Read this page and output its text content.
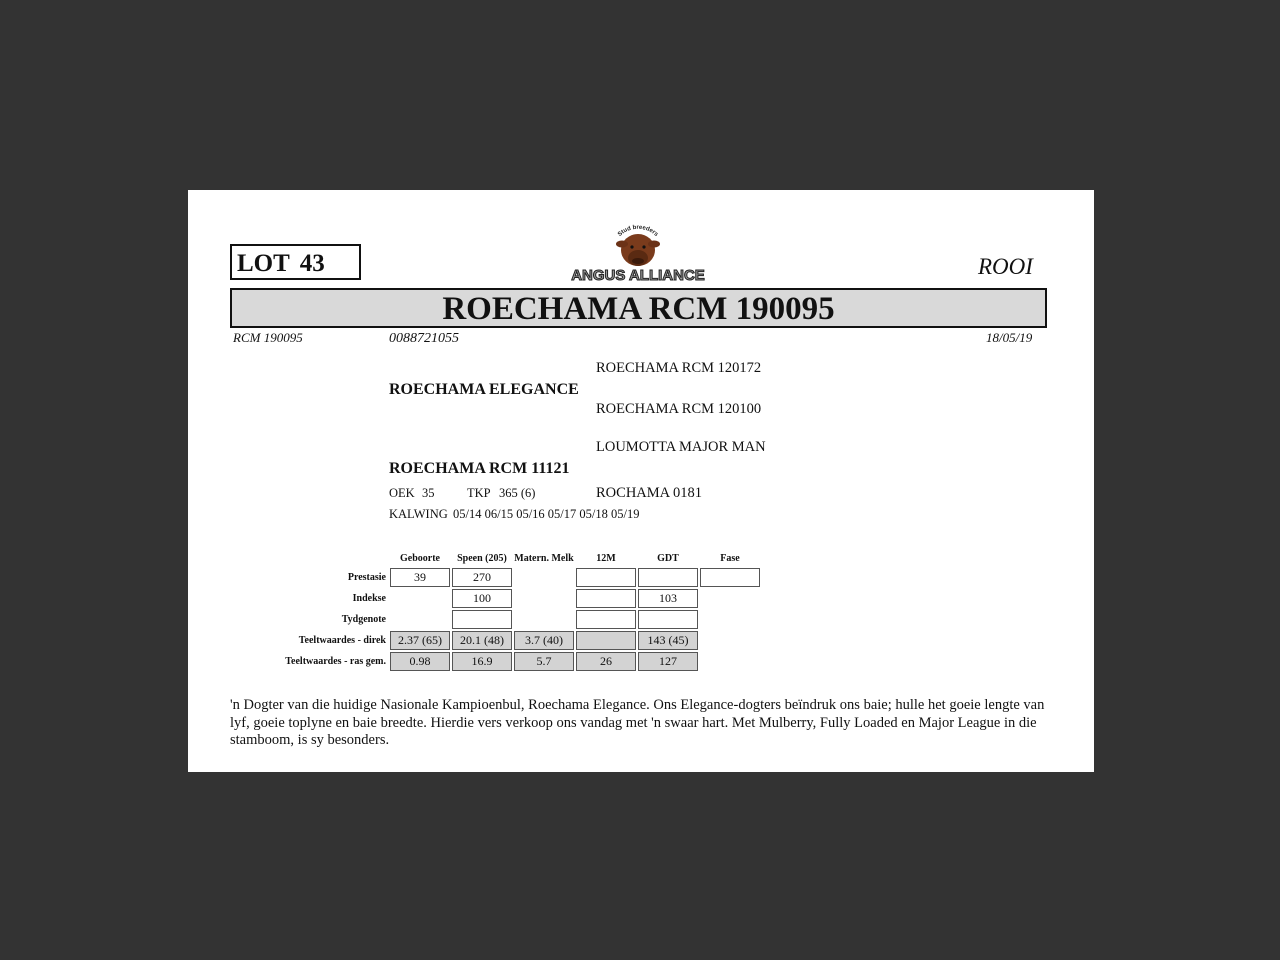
LOT 43
Stud breeders
ANGUS ALLIANCE	ROOI
ROECHAMA RCM 190095
RCM 190095	0088721055	18/05/19
ROECHAMA RCM 120172
ROECHAMA ELEGANCE
ROECHAMA RCM 120100
LOUMOTTA MAJOR MAN
ROECHAMA RCM 11121
ROCHAMA 0181
OEK 35	TKP 365 (6)
KALWING 05/14 06/15 05/16 05/17 05/18 05/19
	Geboorte	Speen (205)	Matern. Melk	12M	GDT	Fase
Prestasie	39	270				
Indekse		100			103	
Tydgenote						
Teeltwaardes - direk	2.37 (65)	20.1 (48)	3.7 (40)		143 (45)	
Teeltwaardes - ras gem.	0.98	16.9	5.7	26	127	
'n Dogter van die huidige Nasionale Kampioenbul, Roechama Elegance. Ons Elegance-dogters beïndruk ons baie; hulle het goeie lengte van lyf, goeie toplyne en baie breedte. Hierdie vers verkoop ons vandag met 'n swaar hart. Met Mulberry, Fully Loaded en Major League in die stamboom, is sy besonders.
